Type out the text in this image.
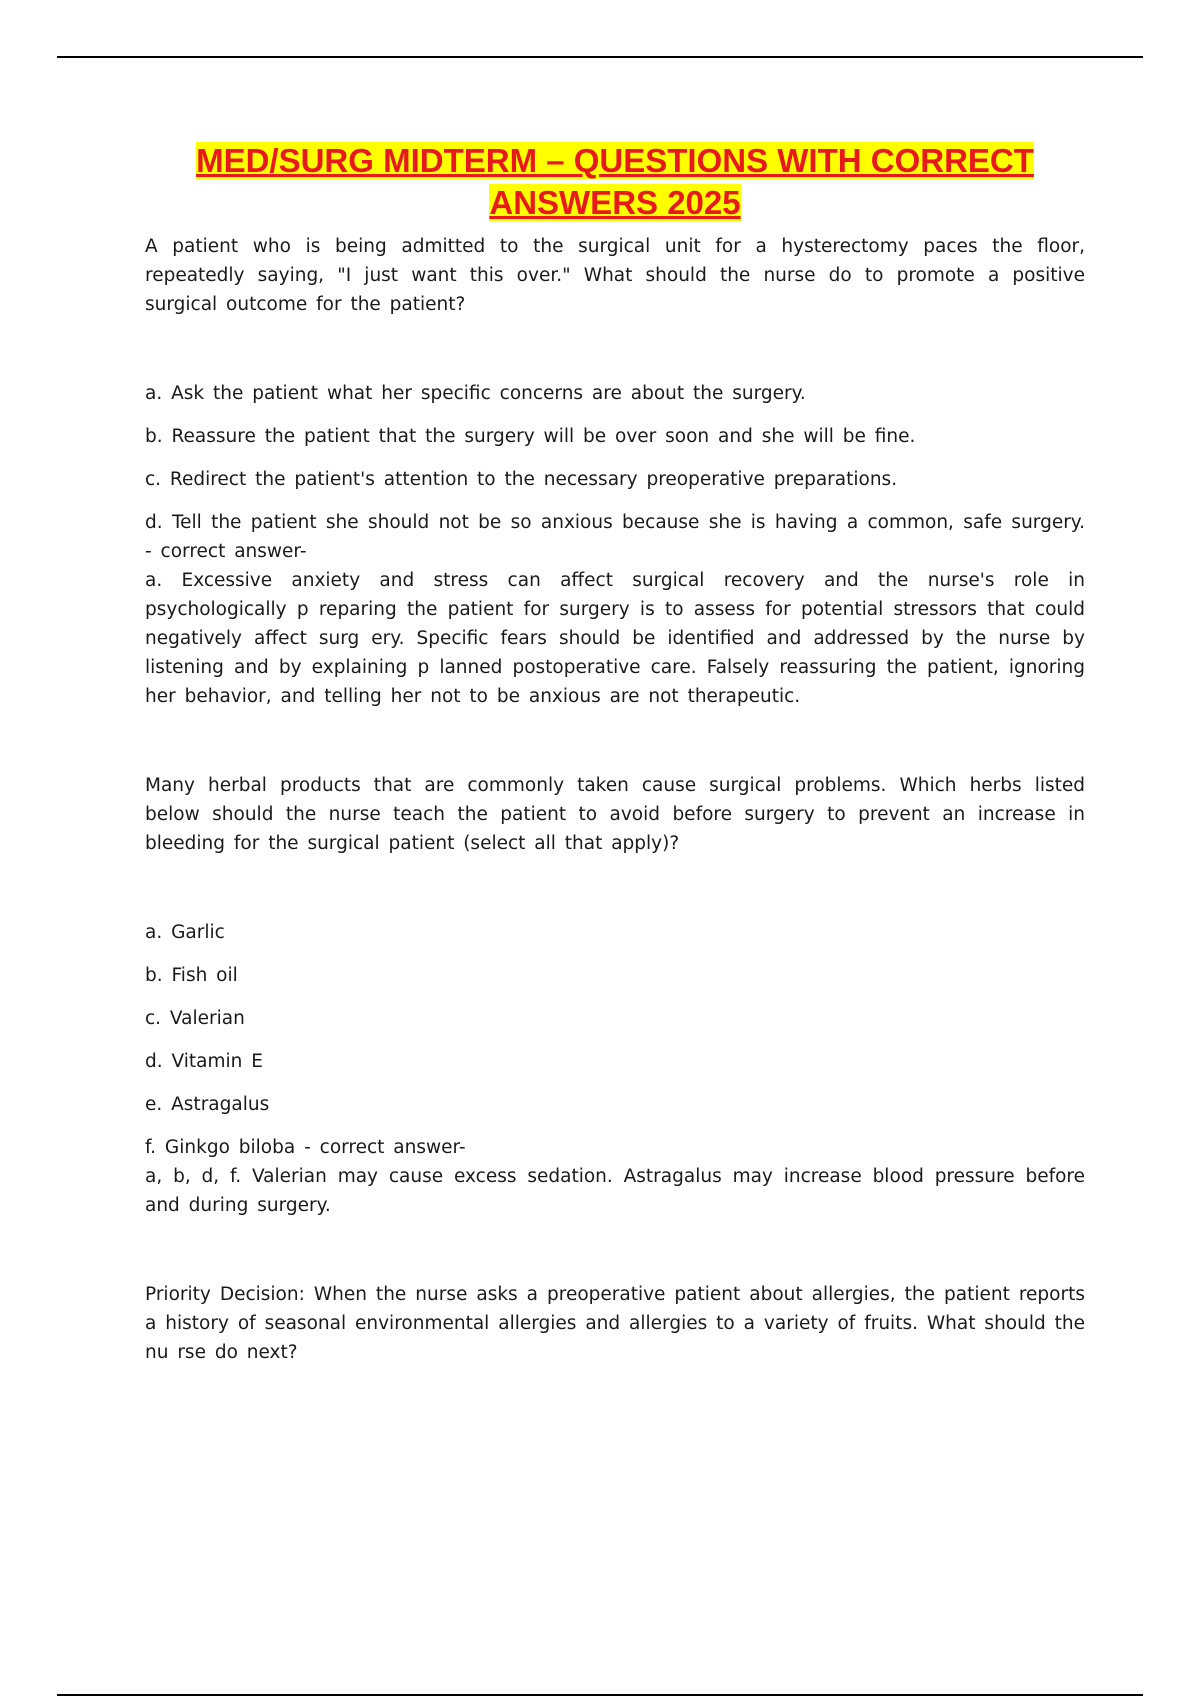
MED/SURG MIDTERM – QUESTIONS WITH CORRECT
ANSWERS 2025

A patient who is being admitted to the surgical unit for a hysterectomy paces the floor, repeatedly saying, "I just want this over." What should the nurse do to promote a positive surgical outcome for the patient?

a. Ask the patient what her specific concerns are about the surgery.

b. Reassure the patient that the surgery will be over soon and she will be fine.

c. Redirect the patient's attention to the necessary preoperative preparations.

d. Tell the patient she should not be so anxious because she is having a common, safe surgery. - correct answer-

a. Excessive anxiety and stress can affect surgical recovery and the nurse's role in psychologically p reparing the patient for surgery is to assess for potential stressors that could negatively affect surg ery. Specific fears should be identified and addressed by the nurse by listening and by explaining p lanned postoperative care. Falsely reassuring the patient, ignoring her behavior, and telling her not to be anxious are not therapeutic.

Many herbal products that are commonly taken cause surgical problems. Which herbs listed below should the nurse teach the patient to avoid before surgery to prevent an increase in bleeding for the surgical patient (select all that apply)?

a. Garlic

b. Fish oil

c. Valerian

d. Vitamin E

e. Astragalus

f. Ginkgo biloba - correct answer-

a, b, d, f. Valerian may cause excess sedation. Astragalus may increase blood pressure before and during surgery.

Priority Decision: When the nurse asks a preoperative patient about allergies, the patient reports a history of seasonal environmental allergies and allergies to a variety of fruits. What should the nu rse do next?
